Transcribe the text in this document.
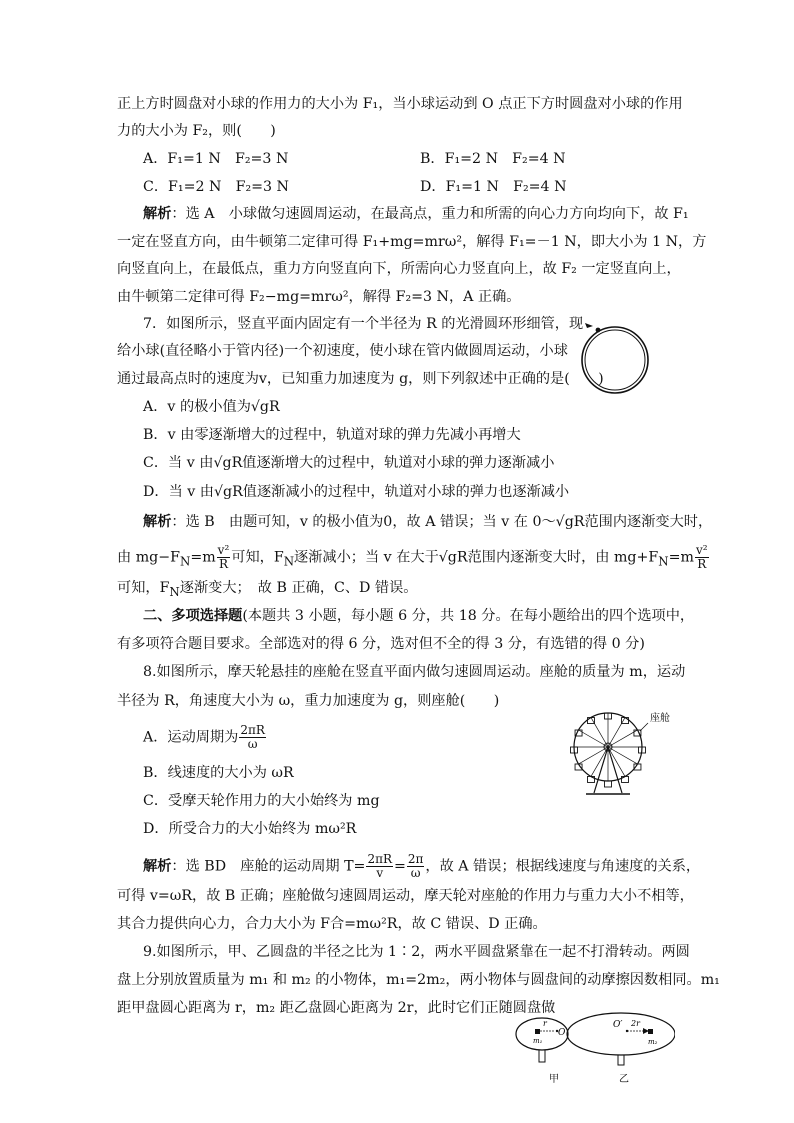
正上方时圆盘对小球的作用力的大小为 F₁，当小球运动到 O 点正下方时圆盘对小球的作用
力的大小为 F₂，则(　　)
A．F₁=1 N　F₂=3 N	B．F₁=2 N　F₂=4 N
C．F₁=2 N　F₂=3 N	D．F₁=1 N　F₂=4 N
解析：选 A　小球做匀速圆周运动，在最高点，重力和所需的向心力方向均向下，故 F₁
一定在竖直方向，由牛顿第二定律可得 F₁+mg=mrω²，解得 F₁=－1 N，即大小为 1 N，方
向竖直向上，在最低点，重力方向竖直向下，所需向心力竖直向上，故 F₂ 一定竖直向上，
由牛顿第二定律可得 F₂−mg=mrω²，解得 F₂=3 N，A 正确。
7．如图所示，竖直平面内固定有一个半径为 R 的光滑圆环形细管，现
给小球(直径略小于管内径)一个初速度，使小球在管内做圆周运动，小球
通过最高点时的速度为v，已知重力加速度为 g，则下列叙述中正确的是(　　)
A．v 的极小值为√gR
B．v 由零逐渐增大的过程中，轨道对球的弹力先减小再增大
C．当 v 由√gR值逐渐增大的过程中，轨道对小球的弹力逐渐减小
D．当 v 由√gR值逐渐减小的过程中，轨道对小球的弹力也逐渐减小
解析：选 B　由题可知，v 的极小值为0，故 A 错误；当 v 在 0～√gR范围内逐渐变大时，
由 $mg-F_N=m \frac{\text{v²}}{R}$ 可知，$F_N$逐渐减小；当 v 在大于√gR范围内逐渐变大时，由 $mg+F_N=m \frac{\text{v²}}{R}$
可知，$F_N$逐渐变大；　故 B 正确，C、D 错误。
二、多项选择题(本题共 3 小题，每小题 6 分，共 18 分。在每小题给出的四个选项中，
有多项符合题目要求。全部选对的得 6 分，选对但不全的得 3 分，有选错的得 0 分)
8.如图所示，摩天轮悬挂的座舱在竖直平面内做匀速圆周运动。座舱的质量为 m，运动
半径为 R，角速度大小为 ω，重力加速度为 g，则座舱(　　)
A．运动周期为 $\frac{2\pi R}{\omega}$
B．线速度的大小为 ωR
C．受摩天轮作用力的大小始终为 mg
D．所受合力的大小始终为 mω²R
解析：选 BD　座舱的运动周期 $T= \frac{2\pi R}{v} = \frac{2\pi}{\omega}$ ，故 A 错误；根据线速度与角速度的关系，
可得 v=ωR，故 B 正确；座舱做匀速圆周运动，摩天轮对座舱的作用力与重力大小不相等，
其合力提供向心力，合力大小为 F合=mω²R，故 C 错误、D 正确。
9.如图所示，甲、乙圆盘的半径之比为 1∶2，两水平圆盘紧靠在一起不打滑转动。两圆
盘上分别放置质量为 m₁ 和 m₂ 的小物体，m₁=2m₂，两小物体与圆盘间的动摩擦因数相同。m₁
距甲盘圆心距离为 r，m₂ 距乙盘圆心距离为 2r，此时它们正随圆盘做
座舱
r
O
m₁
O′ 2r
m₂
甲	乙
